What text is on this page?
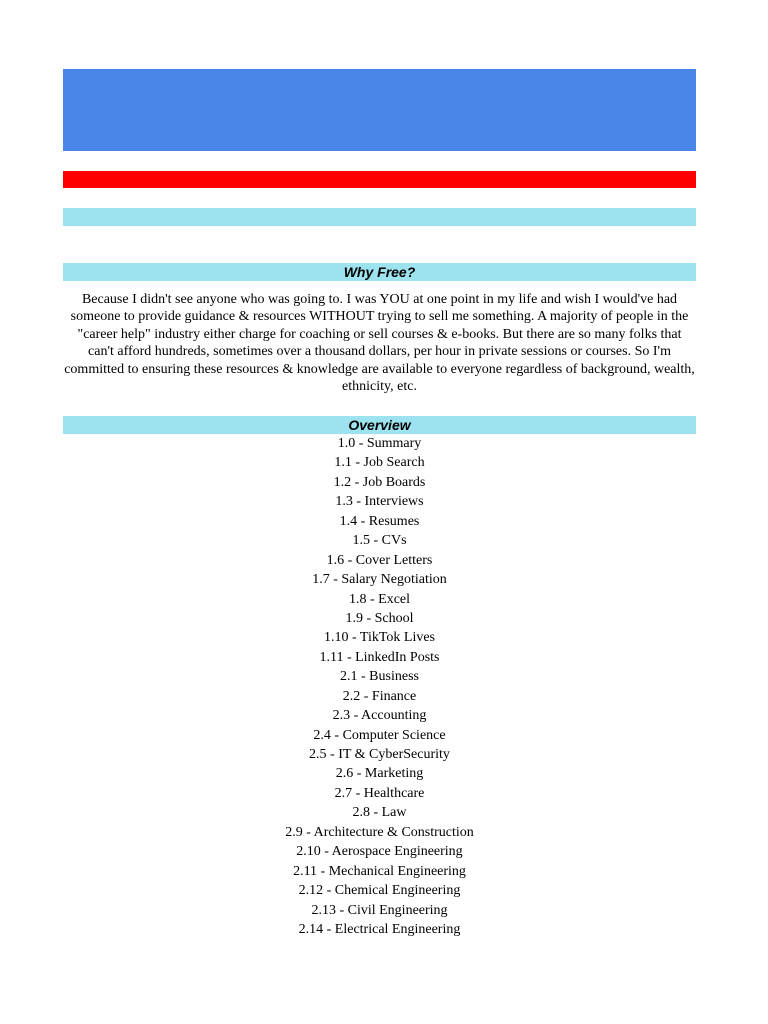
Why Free?

Because I didn't see anyone who was going to. I was YOU at one point in my life and wish I would've had someone to provide guidance & resources WITHOUT trying to sell me something. A majority of people in the "career help" industry either charge for coaching or sell courses & e-books. But there are so many folks that can't afford hundreds, sometimes over a thousand dollars, per hour in private sessions or courses. So I'm committed to ensuring these resources & knowledge are available to everyone regardless of background, wealth, ethnicity, etc.

Overview
1.0 - Summary
1.1 - Job Search
1.2 - Job Boards
1.3 - Interviews
1.4 - Resumes
1.5 - CVs
1.6 - Cover Letters
1.7 - Salary Negotiation
1.8 - Excel
1.9 - School
1.10 - TikTok Lives
1.11 - LinkedIn Posts
2.1 - Business
2.2 - Finance
2.3 - Accounting
2.4 - Computer Science
2.5 - IT & CyberSecurity
2.6 - Marketing
2.7 - Healthcare
2.8 - Law
2.9 - Architecture & Construction
2.10 - Aerospace Engineering
2.11 - Mechanical Engineering
2.12 - Chemical Engineering
2.13 - Civil Engineering
2.14 - Electrical Engineering
